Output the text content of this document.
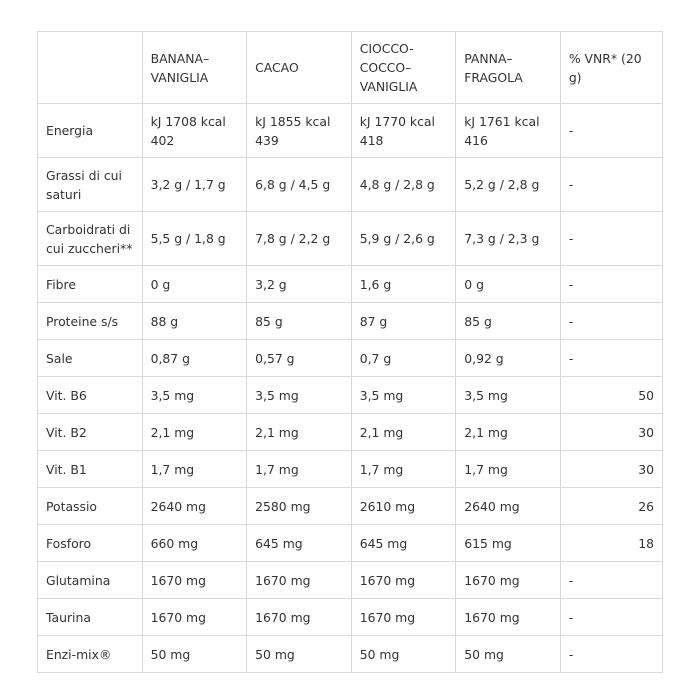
	BANANA–VANIGLIA	CACAO	CIOCCO-COCCO–VANIGLIA	PANNA–FRAGOLA	% VNR* (20 g)
Energia	kJ 1708 kcal 402	kJ 1855 kcal 439	kJ 1770 kcal 418	kJ 1761 kcal 416	-
Grassi di cui saturi	3,2 g / 1,7 g	6,8 g / 4,5 g	4,8 g / 2,8 g	5,2 g / 2,8 g	-
Carboidrati di cui zuccheri**	5,5 g / 1,8 g	7,8 g / 2,2 g	5,9 g / 2,6 g	7,3 g / 2,3 g	-
Fibre	0 g	3,2 g	1,6 g	0 g	-
Proteine s/s	88 g	85 g	87 g	85 g	-
Sale	0,87 g	0,57 g	0,7 g	0,92 g	-
Vit. B6	3,5 mg	3,5 mg	3,5 mg	3,5 mg	50
Vit. B2	2,1 mg	2,1 mg	2,1 mg	2,1 mg	30
Vit. B1	1,7 mg	1,7 mg	1,7 mg	1,7 mg	30
Potassio	2640 mg	2580 mg	2610 mg	2640 mg	26
Fosforo	660 mg	645 mg	645 mg	615 mg	18
Glutamina	1670 mg	1670 mg	1670 mg	1670 mg	-
Taurina	1670 mg	1670 mg	1670 mg	1670 mg	-
Enzi-mix®	50 mg	50 mg	50 mg	50 mg	-
